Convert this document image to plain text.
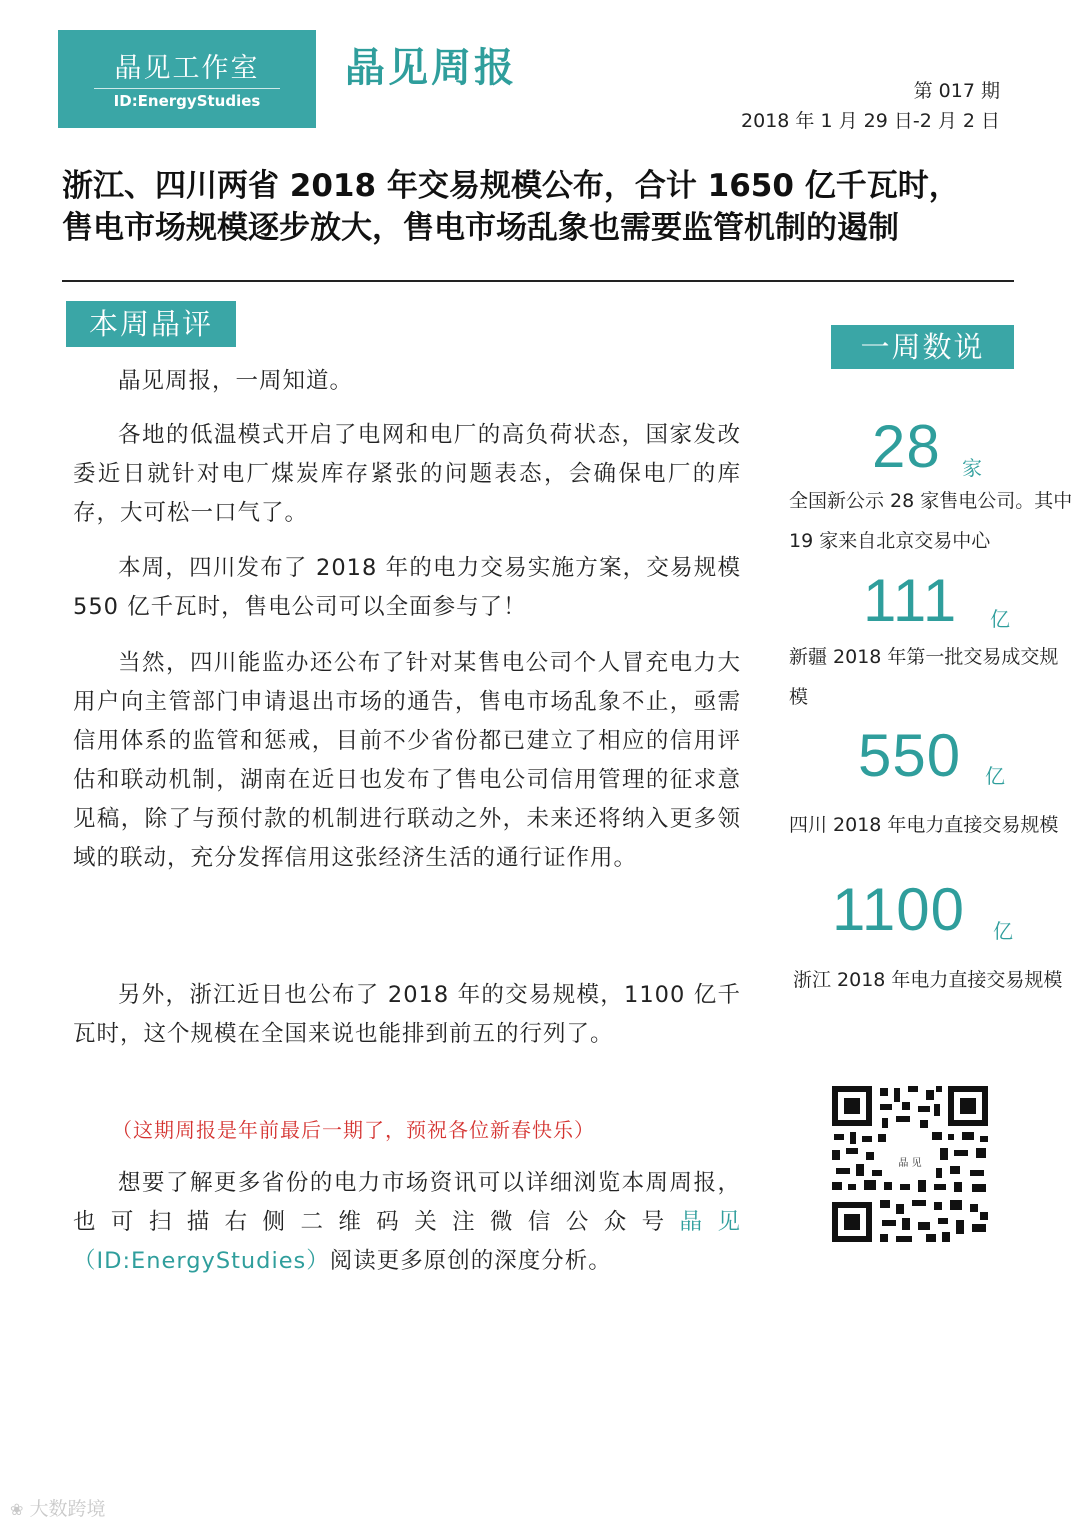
晶见工作室
ID:EnergyStudies
晶见周报	第 017 期
2018 年 1 月 29 日-2 月 2 日
浙江、四川两省 2018 年交易规模公布，合计 1650 亿千瓦时，
售电市场规模逐步放大，售电市场乱象也需要监管机制的遏制
本周晶评

晶见周报，一周知道。

各地的低温模式开启了电网和电厂的高负荷状态，国家发改委近日就针对电厂煤炭库存紧张的问题表态，会确保电厂的库存，大可松一口气了。

本周，四川发布了 2018 年的电力交易实施方案，交易规模 550 亿千瓦时，售电公司可以全面参与了！

当然，四川能监办还公布了针对某售电公司个人冒充电力大用户向主管部门申请退出市场的通告，售电市场乱象不止，亟需信用体系的监管和惩戒，目前不少省份都已建立了相应的信用评估和联动机制，湖南在近日也发布了售电公司信用管理的征求意见稿，除了与预付款的机制进行联动之外，未来还将纳入更多领域的联动，充分发挥信用这张经济生活的通行证作用。

另外，浙江近日也公布了 2018 年的交易规模，1100 亿千瓦时，这个规模在全国来说也能排到前五的行列了。

（这期周报是年前最后一期了，预祝各位新春快乐）

想要了解更多省份的电力市场资讯可以详细浏览本周周报，也可扫描右侧二维码关注微信公众号晶见（ID:EnergyStudies）阅读更多原创的深度分析。

一周数说
28 家
全国新公示 28 家售电公司。其中 19 家来自北京交易中心
111 亿
新疆 2018 年第一批交易成交规模
550 亿
四川 2018 年电力直接交易规模
1100 亿
浙江 2018 年电力直接交易规模
晶 见
❀ 大数跨境
